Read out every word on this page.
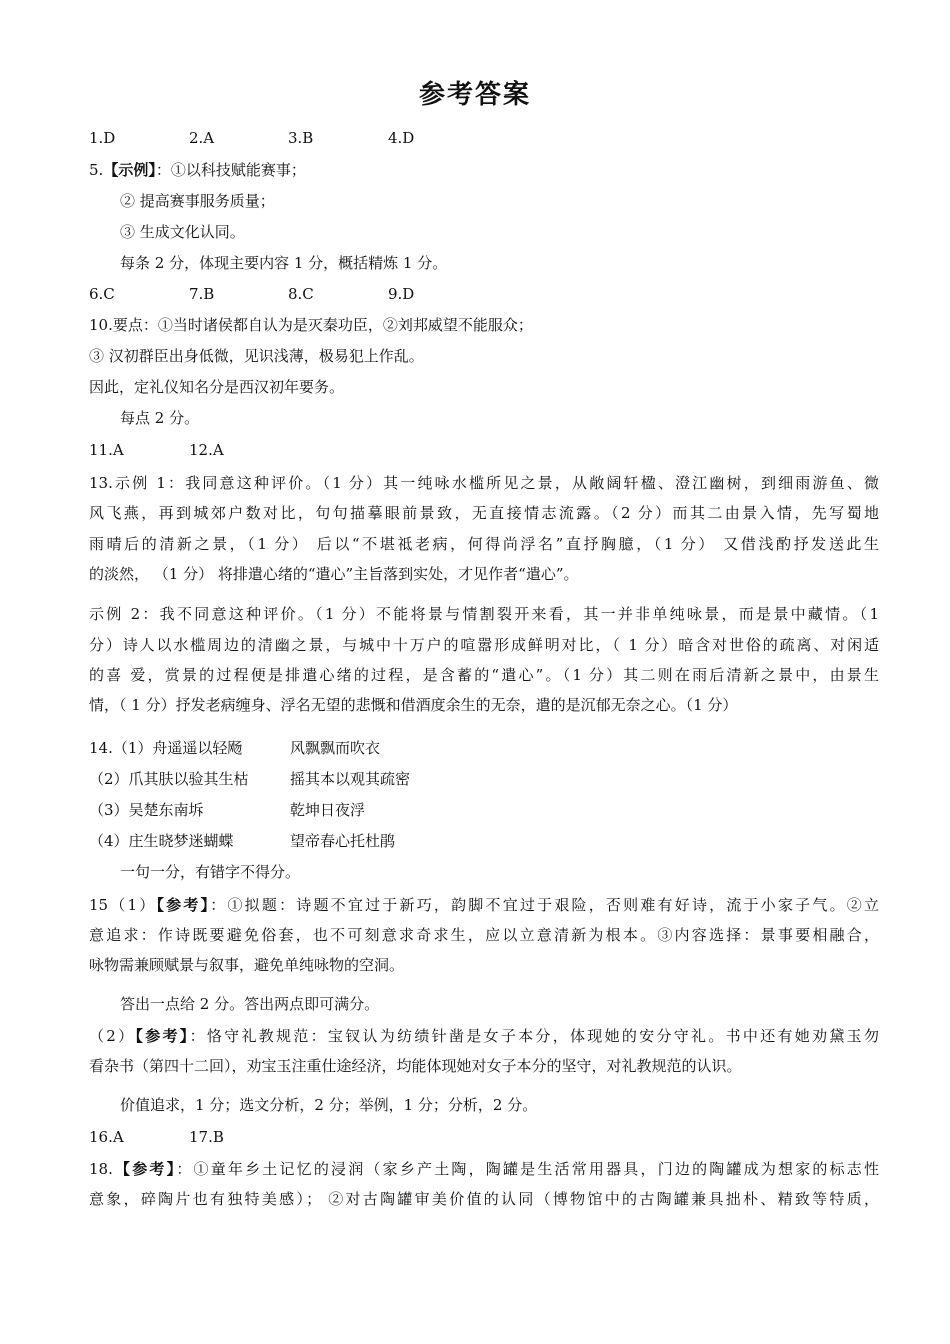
参考答案
1.D	2.A	3.B	4.D
5.【示例】：①以科技赋能赛事；
② 提高赛事服务质量；
③ 生成文化认同。
每条 2 分，体现主要内容 1 分，概括精炼 1 分。
6.C	7.B	8.C	9.D
10.要点：①当时诸侯都自认为是灭秦功臣，②刘邦威望不能服众；
③ 汉初群臣出身低微，见识浅薄，极易犯上作乱。
因此，定礼仪知名分是西汉初年要务。
每点 2 分。
11.A	12.A
13.示例 1：我同意这种评价。（1 分）其一纯咏水槛所见之景，从敞阔轩楹、澄江幽树，到细雨游鱼、微
风飞燕，再到城郊户数对比，句句描摹眼前景致，无直接情志流露。（2 分）而其二由景入情，先写蜀地
雨晴后的清新之景，（1 分） 后以“不堪祗老病，何得尚浮名”直抒胸臆，（1 分） 又借浅酌抒发送此生
的淡然， （1 分） 将排遣心绪的“遣心”主旨落到实处，才见作者“遣心”。
示例 2：我不同意这种评价。（1 分）不能将景与情割裂开来看，其一并非单纯咏景，而是景中藏情。（1
分）诗人以水槛周边的清幽之景，与城中十万户的喧嚣形成鲜明对比，（ 1 分）暗含对世俗的疏离、对闲适
的喜 爱，赏景的过程便是排遣心绪的过程，是含蓄的“遣心”。（1 分）其二则在雨后清新之景中，由景生
情，（ 1 分）抒发老病缠身、浮名无望的悲慨和借酒度余生的无奈，遣的是沉郁无奈之心。（1 分）
14.（1）舟遥遥以轻飏	风飘飘而吹衣
（2）爪其肤以验其生枯	摇其本以观其疏密
（3）吴楚东南坼	乾坤日夜浮
（4）庄生晓梦迷蝴蝶	望帝春心托杜鹃
一句一分，有错字不得分。
15（1）【参考】：①拟题：诗题不宜过于新巧，韵脚不宜过于艰险，否则难有好诗，流于小家子气。②立
意追求：作诗既要避免俗套，也不可刻意求奇求生，应以立意清新为根本。③内容选择：景事要相融合，
咏物需兼顾赋景与叙事，避免单纯咏物的空洞。
答出一点给 2 分。答出两点即可满分。
（2）【参考】：恪守礼教规范：宝钗认为纺绩针凿是女子本分，体现她的安分守礼。书中还有她劝黛玉勿
看杂书（第四十二回），劝宝玉注重仕途经济，均能体现她对女子本分的坚守，对礼教规范的认识。
价值追求，1 分；选文分析，2 分；举例，1 分；分析，2 分。
16.A	17.B
18.【参考】：①童年乡土记忆的浸润（家乡产土陶，陶罐是生活常用器具，门边的陶罐成为想家的标志性
意象，碎陶片也有独特美感）； ②对古陶罐审美价值的认同（博物馆中的古陶罐兼具拙朴、精致等特质，
